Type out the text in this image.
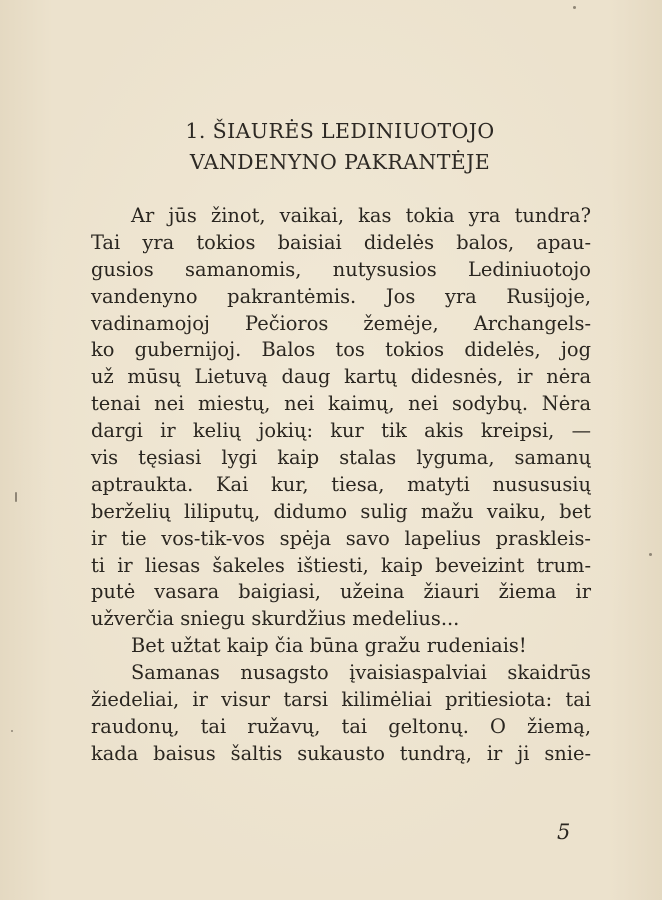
1. ŠIAURĖS LEDINIUOTOJO
VANDENYNO PAKRANTĖJE
Ar jūs žinot, vaikai, kas tokia yra tundra?
Tai yra tokios baisiai didelės balos, apau-
gusios samanomis, nutysusios Lediniuotojo
vandenyno pakrantėmis. Jos yra Rusijoje,
vadinamojoj Pečioros žemėje, Archangels-
ko gubernijoj. Balos tos tokios didelės, jog
už mūsų Lietuvą daug kartų didesnės, ir nėra
tenai nei miestų, nei kaimų, nei sodybų. Nėra
dargi ir kelių jokių: kur tik akis kreipsi, —
vis tęsiasi lygi kaip stalas lyguma, samanų
aptraukta. Kai kur, tiesa, matyti nusususių
berželių liliputų, didumo sulig mažu vaiku, bet
ir tie vos-tik-vos spėja savo lapelius praskleis-
ti ir liesas šakeles ištiesti, kaip beveizint trum-
putė vasara baigiasi, užeina žiauri žiema ir
užverčia sniegu skurdžius medelius...
Bet užtat kaip čia būna gražu rudeniais!
Samanas nusagsto įvaisiaspalviai skaidrūs
žiedeliai, ir visur tarsi kilimėliai pritiesiota: tai
raudonų, tai ružavų, tai geltonų. O žiemą,
kada baisus šaltis sukausto tundrą, ir ji snie-
5
